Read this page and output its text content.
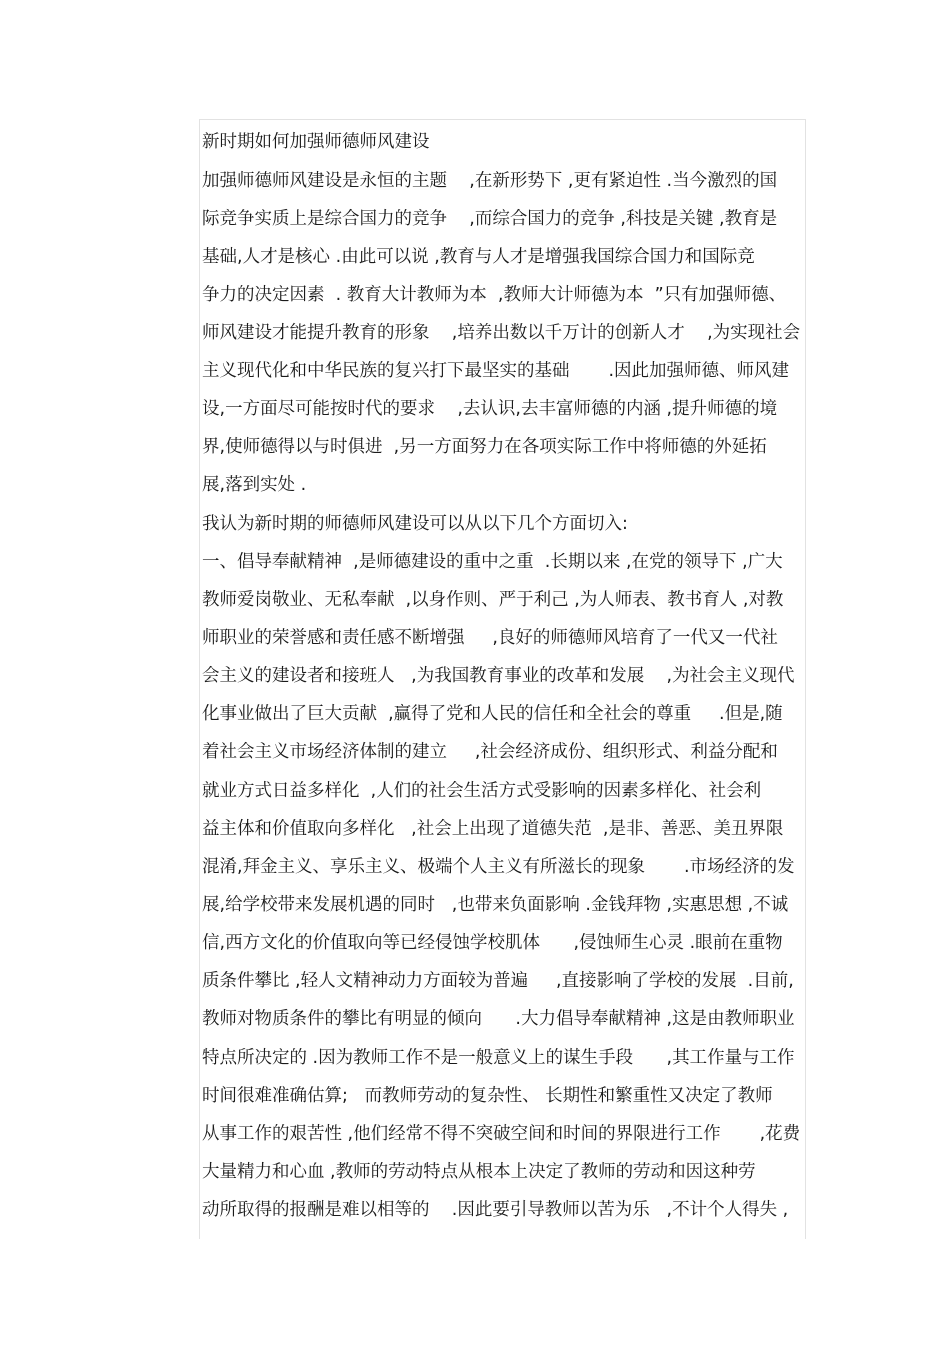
新时期如何加强师德师风建设
加强师德师风建设是永恒的主题    ,在新形势下 ,更有紧迫性 .当今激烈的国
际竞争实质上是综合国力的竞争    ,而综合国力的竞争 ,科技是关键 ,教育是
基础,人才是核心 .由此可以说 ,教育与人才是增强我国综合国力和国际竞
争力的决定因素  . 教育大计教师为本  ,教师大计师德为本  ”只有加强师德、
师风建设才能提升教育的形象    ,培养出数以千万计的创新人才    ,为实现社会
主义现代化和中华民族的复兴打下最坚实的基础       .因此加强师德、师风建
设,一方面尽可能按时代的要求    ,去认识,去丰富师德的内涵 ,提升师德的境
界,使师德得以与时俱进  ,另一方面努力在各项实际工作中将师德的外延拓
展,落到实处 .
我认为新时期的师德师风建设可以从以下几个方面切入:
一、倡导奉献精神  ,是师德建设的重中之重  .长期以来 ,在党的领导下 ,广大
教师爱岗敬业、无私奉献  ,以身作则、严于利己 ,为人师表、教书育人 ,对教
师职业的荣誉感和责任感不断增强     ,良好的师德师风培育了一代又一代社
会主义的建设者和接班人   ,为我国教育事业的改革和发展    ,为社会主义现代
化事业做出了巨大贡献  ,赢得了党和人民的信任和全社会的尊重     .但是,随
着社会主义市场经济体制的建立     ,社会经济成份、组织形式、利益分配和
就业方式日益多样化  ,人们的社会生活方式受影响的因素多样化、社会利
益主体和价值取向多样化   ,社会上出现了道德失范  ,是非、善恶、美丑界限
混淆,拜金主义、享乐主义、极端个人主义有所滋长的现象       .市场经济的发
展,给学校带来发展机遇的同时   ,也带来负面影响 .金钱拜物 ,实惠思想 ,不诚
信,西方文化的价值取向等已经侵蚀学校肌体      ,侵蚀师生心灵 .眼前在重物
质条件攀比 ,轻人文精神动力方面较为普遍     ,直接影响了学校的发展  .目前,
教师对物质条件的攀比有明显的倾向      .大力倡导奉献精神 ,这是由教师职业
特点所决定的 .因为教师工作不是一般意义上的谋生手段      ,其工作量与工作
时间很难准确估算;   而教师劳动的复杂性、 长期性和繁重性又决定了教师
从事工作的艰苦性 ,他们经常不得不突破空间和时间的界限进行工作       ,花费
大量精力和心血 ,教师的劳动特点从根本上决定了教师的劳动和因这种劳
动所取得的报酬是难以相等的    .因此要引导教师以苦为乐   ,不计个人得失 ,
